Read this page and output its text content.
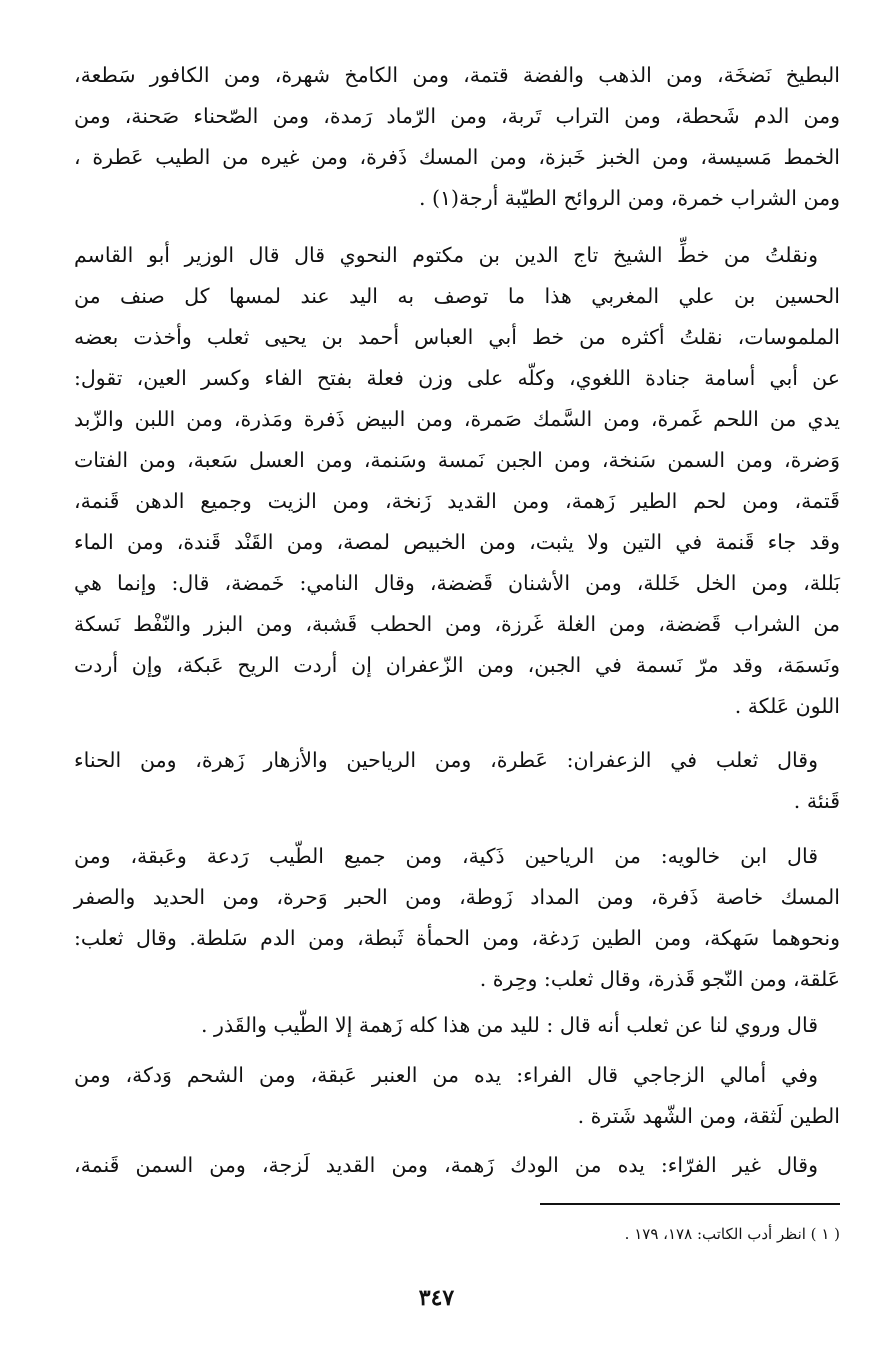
البطيخ نَضخَة، ومن الذهب والفضة قتمة، ومن الكامخ شهرة، ومن الكافور سَطعة،
ومن الدم شَحطة، ومن التراب تَربة، ومن الرّماد رَمدة، ومن الصّحناء صَحنة، ومن
الخمط مَسيسة، ومن الخبز خَبزة، ومن المسك ذَفرة، ومن غيره من الطيب عَطرة ،
ومن الشراب خمرة، ومن الروائح الطيّبة أرجة(١) .
ونقلتُ من خطِّ الشيخ تاج الدين بن مكتوم النحوي قال قال الوزير أبو القاسم
الحسين بن علي المغربي هذا ما توصف به اليد عند لمسها كل صنف من
الملموسات، نقلتُ أكثره من خط أبي العباس أحمد بن يحيى ثعلب وأخذت بعضه
عن أبي أسامة جنادة اللغوي، وكلّه على وزن فعلة بفتح الفاء وكسر العين، تقول:
يدي من اللحم غَمرة، ومن السَّمك صَمرة، ومن البيض ذَفرة ومَذرة، ومن اللبن والزّبد
وَضرة، ومن السمن سَنخة، ومن الجبن نَمسة وسَنمة، ومن العسل سَعبة، ومن الفتات
قَتمة، ومن لحم الطير زَهمة، ومن القديد زَنخة، ومن الزيت وجميع الدهن قَنمة،
وقد جاء قَنمة في التين ولا يثبت، ومن الخبيص لمصة، ومن القَنْد قَندة، ومن الماء
بَللة، ومن الخل خَللة، ومن الأشنان قَضضة، وقال النامي: خَمضة، قال: وإنما هي
من الشراب قَضضة، ومن الغلة غَرزة، ومن الحطب قَشبة، ومن البزر والنّفْط نَسكة
ونَسمَة، وقد مرّ نَسمة في الجبن، ومن الزّعفران إن أردت الريح عَبكة، وإن أردت
اللون عَلكة .
وقال ثعلب في الزعفران: عَطرة، ومن الرياحين والأزهار زَهرة، ومن الحناء
قَنئة .
قال ابن خالويه: من الرياحين ذَكية، ومن جميع الطّيب رَدعة وعَبقة، ومن
المسك خاصة ذَفرة، ومن المداد زَوطة، ومن الحبر وَحرة، ومن الحديد والصفر
ونحوهما سَهكة، ومن الطين رَدغة، ومن الحمأة ثَبطة، ومن الدم سَلطة. وقال ثعلب:
عَلقة، ومن النّجو قَذرة، وقال ثعلب: وحِرة .
قال وروي لنا عن ثعلب أنه قال : لليد من هذا كله زَهمة إلا الطّيب والقَذر .
وفي أمالي الزجاجي قال الفراء: يده من العنبر عَبقة، ومن الشحم وَدكة، ومن
الطين لَثقة، ومن الشّهد شَترة .
وقال غير الفرّاء: يده من الودك زَهمة، ومن القديد لَزجة، ومن السمن قَنمة،
( ١ ) انظر أدب الكاتب: ١٧٨، ١٧٩ .
٣٤٧
